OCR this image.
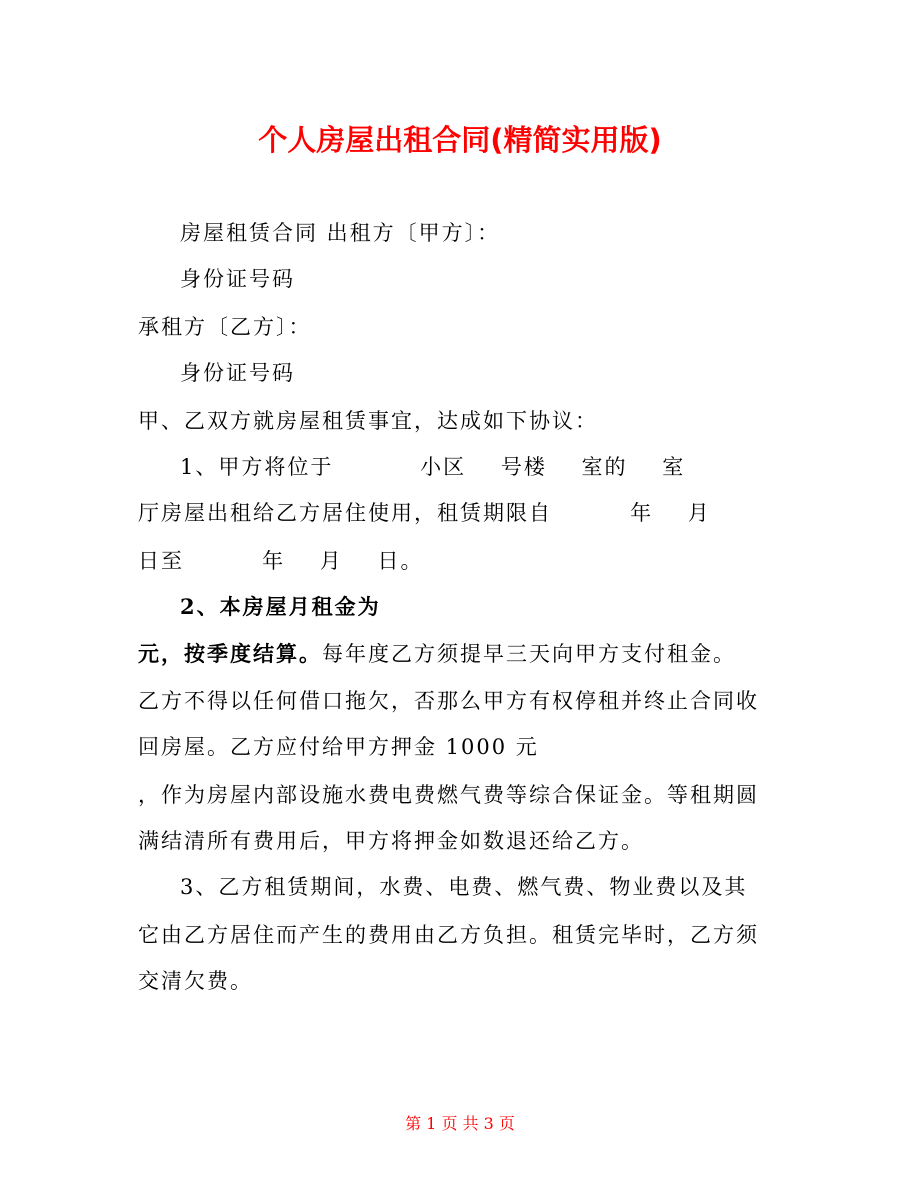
个人房屋出租合同(精简实用版)
房屋租赁合同 出租方〔甲方〕：
身份证号码
承租方〔乙方〕：
身份证号码
甲、乙双方就房屋租赁事宜，达成如下协议：
1、甲方将位于          小区    号楼    室的    室
厅房屋出租给乙方居住使用，租赁期限自         年    月
日至         年    月    日。
2、本房屋月租金为
元，按季度结算。每年度乙方须提早三天向甲方支付租金。
乙方不得以任何借口拖欠，否那么甲方有权停租并终止合同收
回房屋。乙方应付给甲方押金 1000 元
，作为房屋内部设施水费电费燃气费等综合保证金。等租期圆
满结清所有费用后，甲方将押金如数退还给乙方。
3、乙方租赁期间，水费、电费、燃气费、物业费以及其
它由乙方居住而产生的费用由乙方负担。租赁完毕时，乙方须
交清欠费。
第 1 页 共 3 页
